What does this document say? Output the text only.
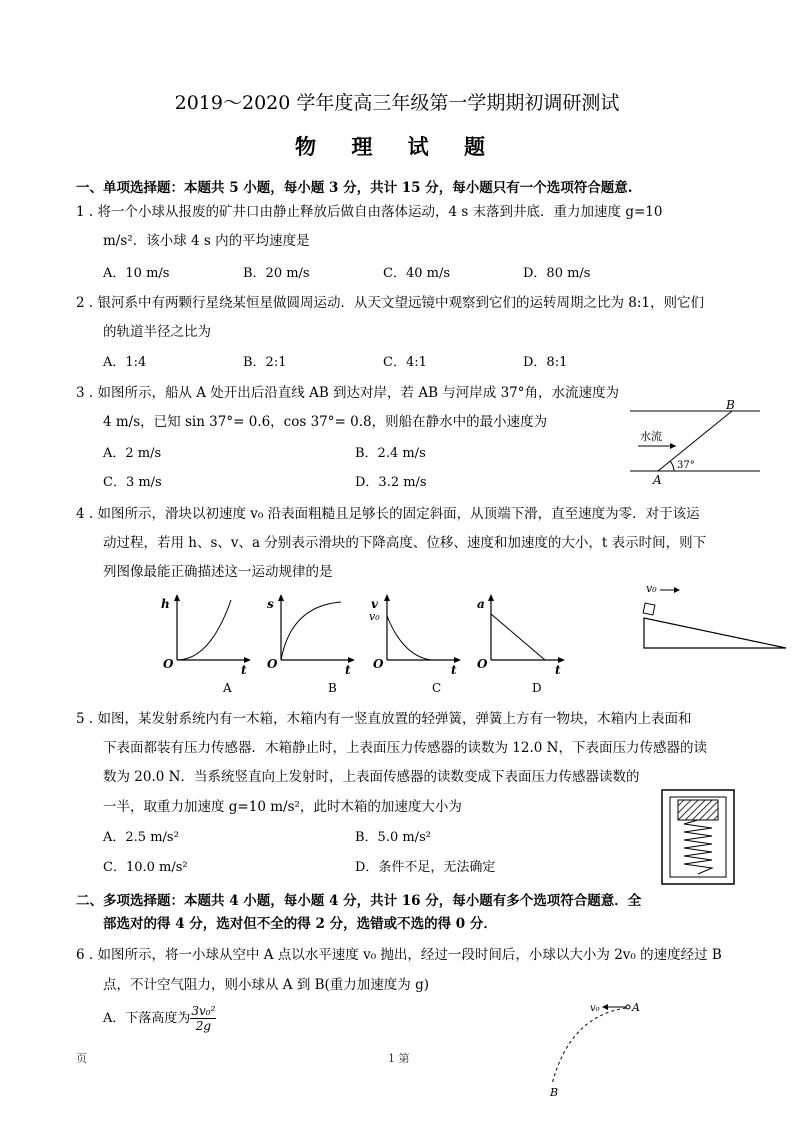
2019～2020 学年度高三年级第一学期期初调研测试
物 理 试 题
一、单项选择题：本题共 5 小题，每小题 3 分，共计 15 分，每小题只有一个选项符合题意.
1 . 将一个小球从报废的矿井口由静止释放后做自由落体运动，4 s 末落到井底．重力加速度 g=10
m/s²．该小球 4 s 内的平均速度是
A．10 m/s	B．20 m/s	C．40 m/s	D．80 m/s
2 . 银河系中有两颗行星绕某恒星做圆周运动．从天文望远镜中观察到它们的运转周期之比为 8:1，则它们
的轨道半径之比为
A．1:4	B．2:1	C．4:1	D．8:1
3 . 如图所示，船从 A 处开出后沿直线 AB 到达对岸，若 AB 与河岸成 37°角，水流速度为
4 m/s，已知 sin 37°= 0.6，cos 37°= 0.8，则船在静水中的最小速度为
A．2 m/s	B．2.4 m/s
C．3 m/s	D．3.2 m/s
B
A
水流
37°
4 . 如图所示，滑块以初速度 v₀ 沿表面粗糙且足够长的固定斜面，从顶端下滑，直至速度为零．对于该运
动过程，若用 h、s、v、a 分别表示滑块的下降高度、位移、速度和加速度的大小，t 表示时间，则下
列图像最能正确描述这一运动规律的是
h
t
O
A
s
t
O
B
v
v₀
t
O
C
a
t
O
D
v₀
5 . 如图，某发射系统内有一木箱，木箱内有一竖直放置的轻弹簧，弹簧上方有一物块，木箱内上表面和
下表面都装有压力传感器．木箱静止时，上表面压力传感器的读数为 12.0 N，下表面压力传感器的读
数为 20.0 N．当系统竖直向上发射时，上表面传感器的读数变成下表面压力传感器读数的
一半，取重力加速度 g=10 m/s²，此时木箱的加速度大小为
A．2.5 m/s²	B．5.0 m/s²
C．10.0 m/s²	D．条件不足，无法确定
二、多项选择题：本题共 4 小题，每小题 4 分，共计 16 分，每小题有多个选项符合题意．全
部选对的得 4 分，选对但不全的得 2 分，选错或不选的得 0 分．
6 . 如图所示，将一小球从空中 A 点以水平速度 v₀ 抛出，经过一段时间后，小球以大小为 2v₀ 的速度经过 B
点，不计空气阻力，则小球从 A 到 B(重力加速度为 g)
A．下落高度为 $\frac{\text{3v₀²}}{2g}$	v₀	A
B
页	1 第
